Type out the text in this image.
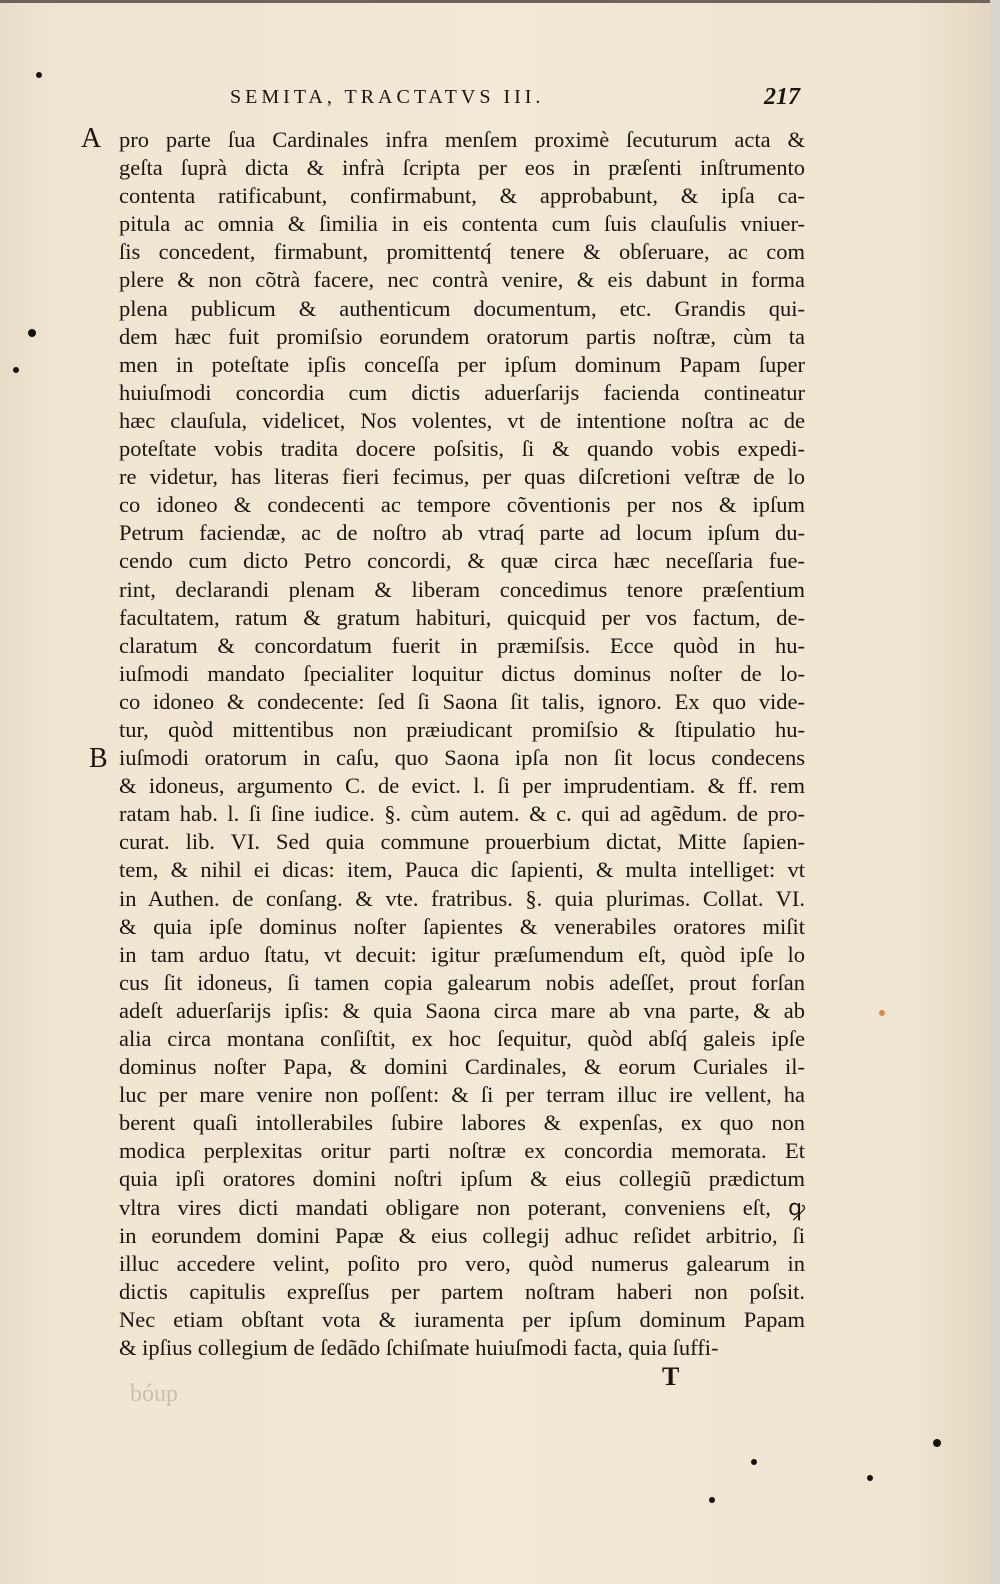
SEMITA, TRACTATVS III.	217
A
B
pro parte ſua Cardinales infra menſem proximè ſecuturum acta &
geſta ſuprà dicta & infrà ſcripta per eos in præſenti inſtrumento
contenta ratificabunt, confirmabunt, & approbabunt, & ipſa ca-
pitula ac omnia & ſimilia in eis contenta cum ſuis clauſulis vniuer-
ſis concedent, firmabunt, promittentq́ tenere & obſeruare, ac com
plere & non cõtrà facere, nec contrà venire, & eis dabunt in forma
plena publicum & authenticum documentum, etc. Grandis qui-
dem hæc fuit promiſsio eorundem oratorum partis noſtræ, cùm ta
men in poteſtate ipſis conceſſa per ipſum dominum Papam ſuper
huiuſmodi concordia cum dictis aduerſarijs facienda contineatur
hæc clauſula, videlicet, Nos volentes, vt de intentione noſtra ac de
poteſtate vobis tradita docere poſsitis, ſi & quando vobis expedi-
re videtur, has literas fieri fecimus, per quas diſcretioni veſtræ de lo
co idoneo & condecenti ac tempore cõventionis per nos & ipſum
Petrum faciendæ, ac de noſtro ab vtraq́ parte ad locum ipſum du-
cendo cum dicto Petro concordi, & quæ circa hæc neceſſaria fue-
rint, declarandi plenam & liberam concedimus tenore præſentium
facultatem, ratum & gratum habituri, quicquid per vos factum, de-
claratum & concordatum fuerit in præmiſsis. Ecce quòd in hu-
iuſmodi mandato ſpecialiter loquitur dictus dominus noſter de lo-
co idoneo & condecente: ſed ſi Saona ſit talis, ignoro. Ex quo vide-
tur, quòd mittentibus non præiudicant promiſsio & ſtipulatio hu-
iuſmodi oratorum in caſu, quo Saona ipſa non ſit locus condecens
& idoneus, argumento C. de evict. l. ſi per imprudentiam. & ff. rem
ratam hab. l. ſi ſine iudice. §. cùm autem. & c. qui ad agẽdum. de pro-
curat. lib. VI. Sed quia commune prouerbium dictat, Mitte ſapien-
tem, & nihil ei dicas: item, Pauca dic ſapienti, & multa intelliget: vt
in Authen. de conſang. & vte. fratribus. §. quia plurimas. Collat. VI.
& quia ipſe dominus noſter ſapientes & venerabiles oratores miſit
in tam arduo ſtatu, vt decuit: igitur præſumendum eſt, quòd ipſe lo
cus ſit idoneus, ſi tamen copia galearum nobis adeſſet, prout forſan
adeſt aduerſarijs ipſis: & quia Saona circa mare ab vna parte, & ab
alia circa montana conſiſtit, ex hoc ſequitur, quòd abſq́ galeis ipſe
dominus noſter Papa, & domini Cardinales, & eorum Curiales il-
luc per mare venire non poſſent: & ſi per terram illuc ire vellent, ha
berent quaſi intollerabiles ſubire labores & expenſas, ex quo non
modica perplexitas oritur parti noſtræ ex concordia memorata. Et
quia ipſi oratores domini noſtri ipſum & eius collegiũ prædictum
vltra vires dicti mandati obligare non poterant, conveniens eſt, ꝙ
in eorundem domini Papæ & eius collegij adhuc reſidet arbitrio, ſi
illuc accedere velint, poſito pro vero, quòd numerus galearum in
dictis capitulis expreſſus per partem noſtram haberi non poſsit.
Nec etiam obſtant vota & iuramenta per ipſum dominum Papam
& ipſius collegium de ſedãdo ſchiſmate huiuſmodi facta, quia ſuffi-
T
bóup
